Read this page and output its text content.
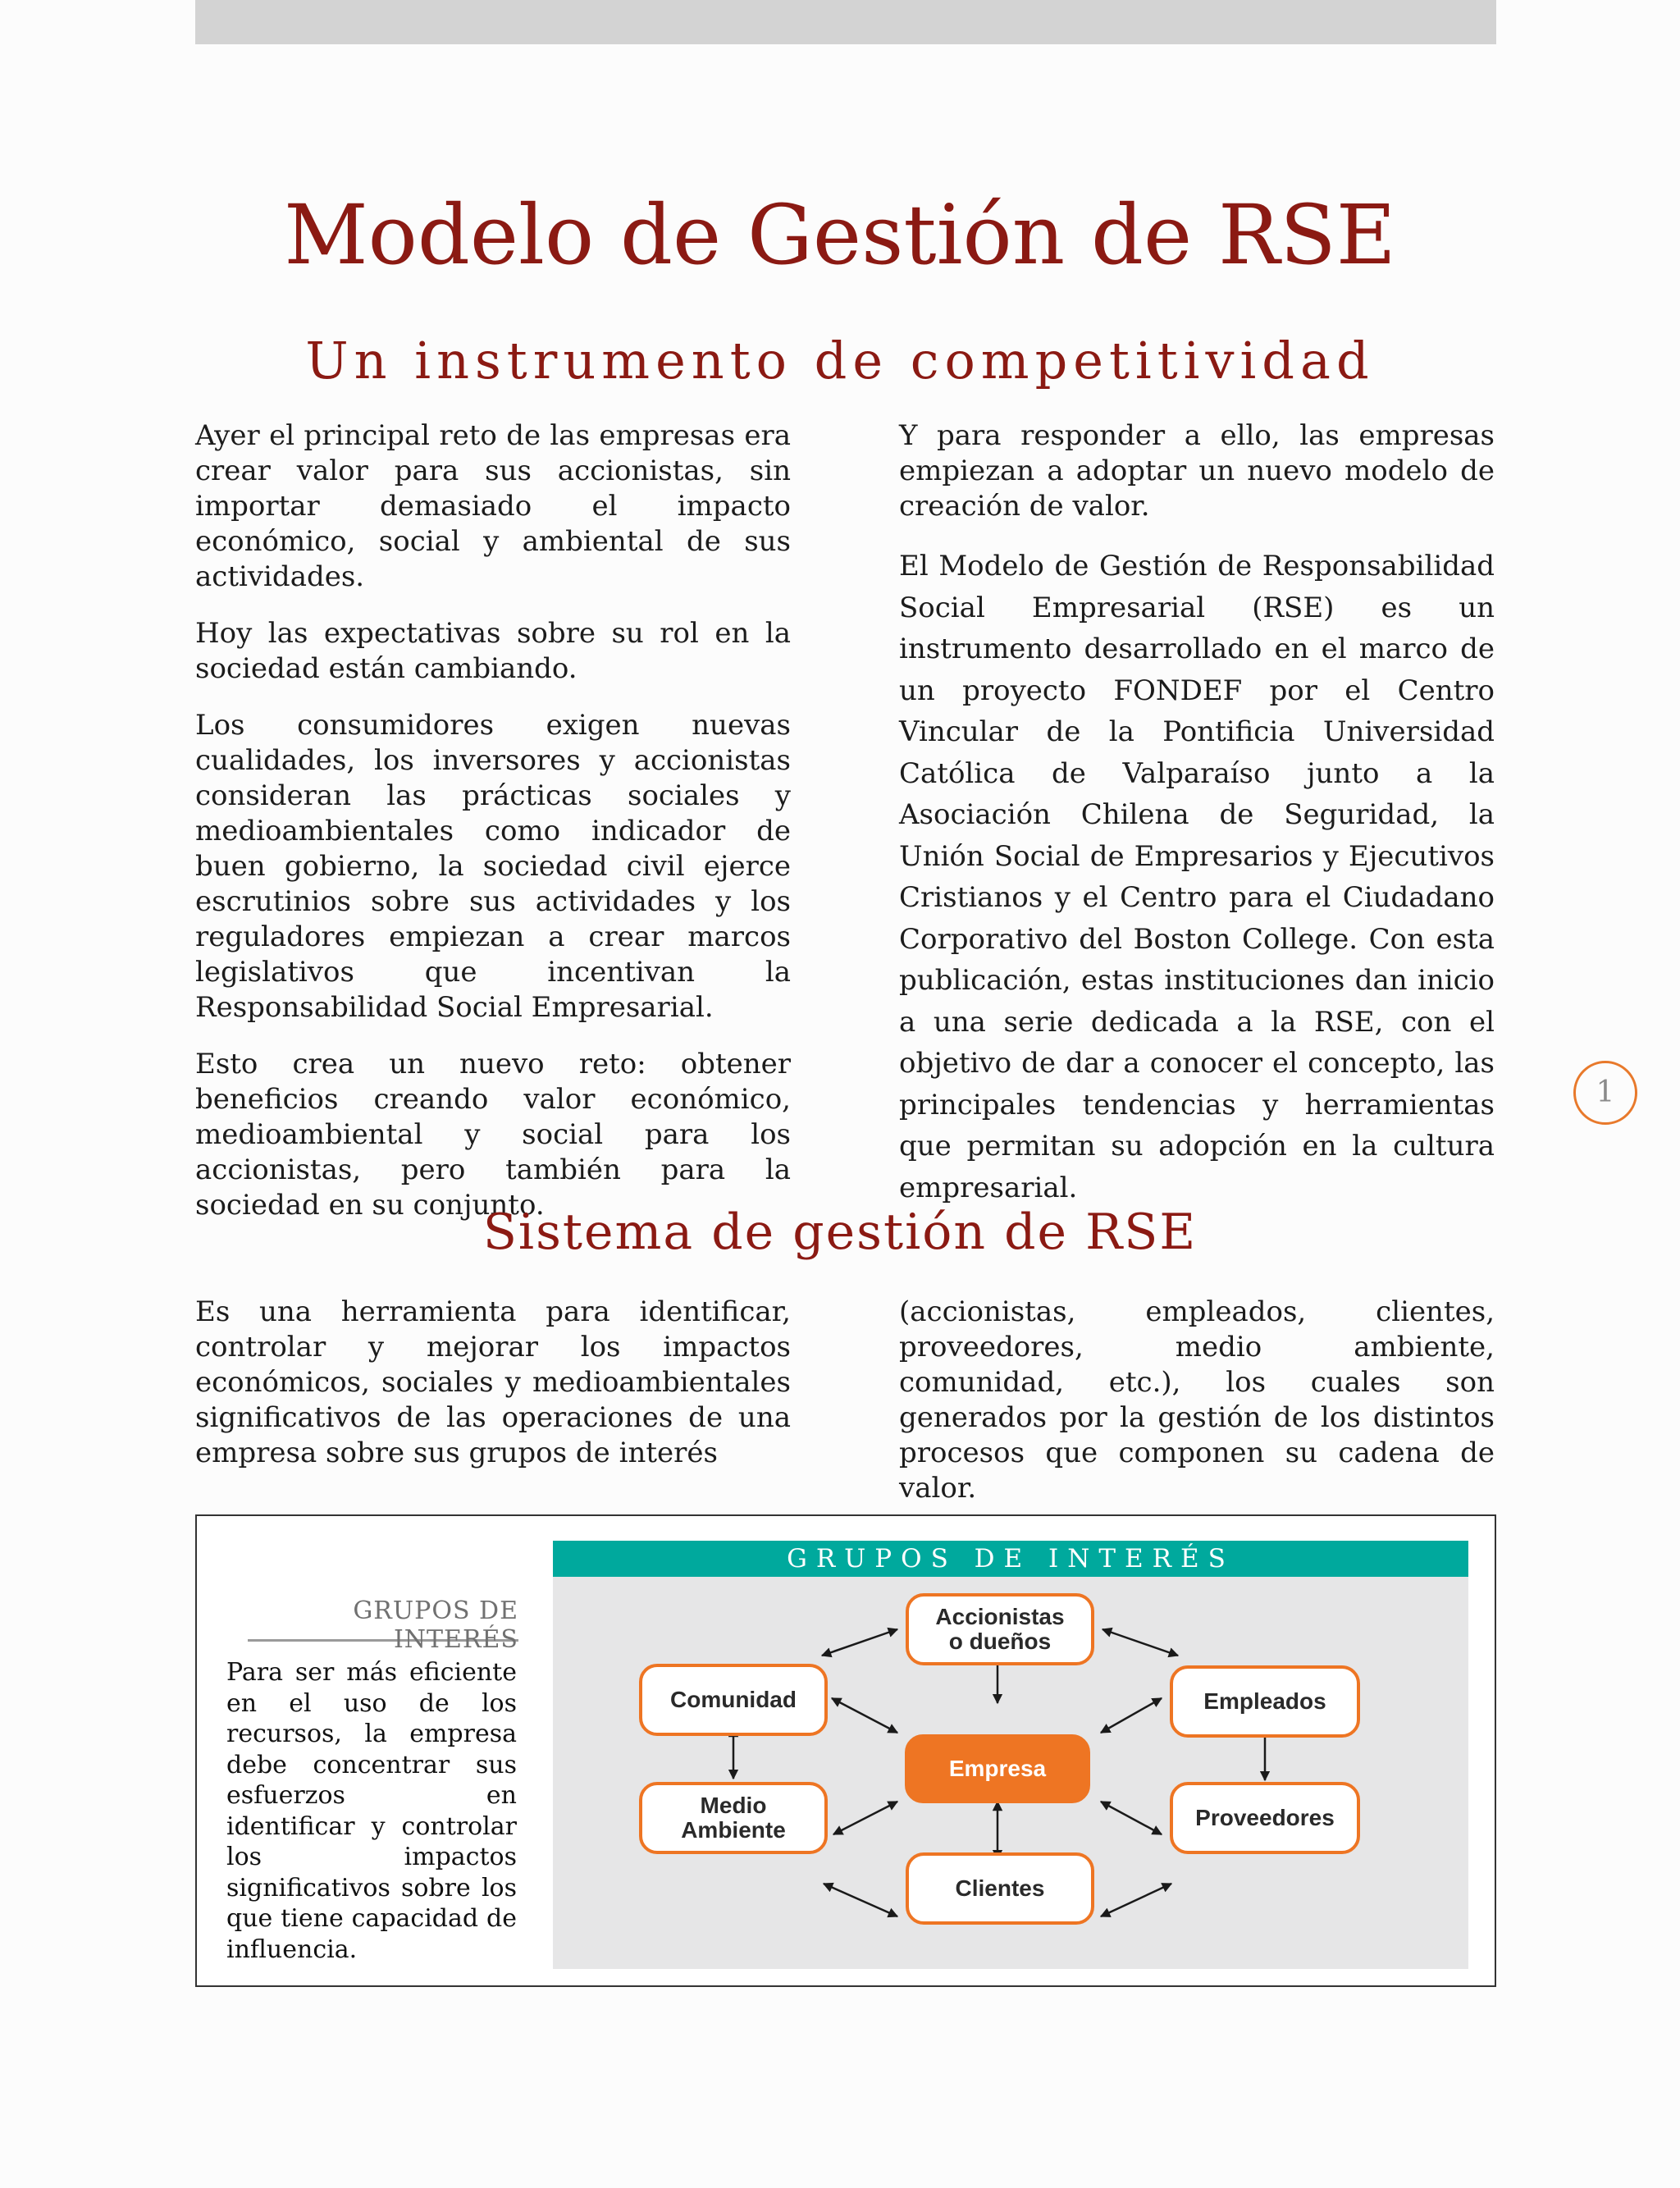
Modelo de Gestión de RSE
Un instrumento de competitividad

Ayer el principal reto de las empresas era crear valor para sus accionistas, sin importar demasiado el impacto económico, social y ambiental de sus actividades.

Hoy las expectativas sobre su rol en la sociedad están cambiando.

Los consumidores exigen nuevas cualidades, los inversores y accionistas consideran las prácticas sociales y medioambientales como indicador de buen gobierno, la sociedad civil ejerce escrutinios sobre sus actividades y los reguladores empiezan a crear marcos legislativos que incentivan la Responsabilidad Social Empresarial.

Esto crea un nuevo reto: obtener beneficios creando valor económico, medioambiental y social para los accionistas, pero también para la sociedad en su conjunto.

Y para responder a ello, las empresas empiezan a adoptar un nuevo modelo de creación de valor.

El Modelo de Gestión de Responsabilidad Social Empresarial (RSE) es un instrumento desarrollado en el marco de un proyecto FONDEF por el Centro Vincular de la Pontificia Universidad Católica de Valparaíso junto a la Asociación Chilena de Seguridad, la Unión Social de Empresarios y Ejecutivos Cristianos y el Centro para el Ciudadano Corporativo del Boston College. Con esta publicación, estas instituciones dan inicio a una serie dedicada a la RSE, con el objetivo de dar a conocer el concepto, las principales tendencias y herramientas que permitan su adopción en la cultura empresarial.

1
Sistema de gestión de RSE

Es una herramienta para identificar, controlar y mejorar los impactos económicos, sociales y medioambientales significativos de las operaciones de una empresa sobre sus grupos de interés

(accionistas, empleados, clientes, proveedores, medio ambiente, comunidad, etc.), los cuales son generados por la gestión de los distintos procesos que componen su cadena de valor.

GRUPOS DE INTERÉS
Para ser más eficiente en el uso de los recursos, la empresa debe concentrar sus esfuerzos en identificar y controlar los impactos significativos sobre los que tiene capacidad de influencia.
GRUPOS DE INTERÉS
Accionistas
o dueños
Comunidad	Empleados
Empresa
Medio
Ambiente	Proveedores
Clientes
